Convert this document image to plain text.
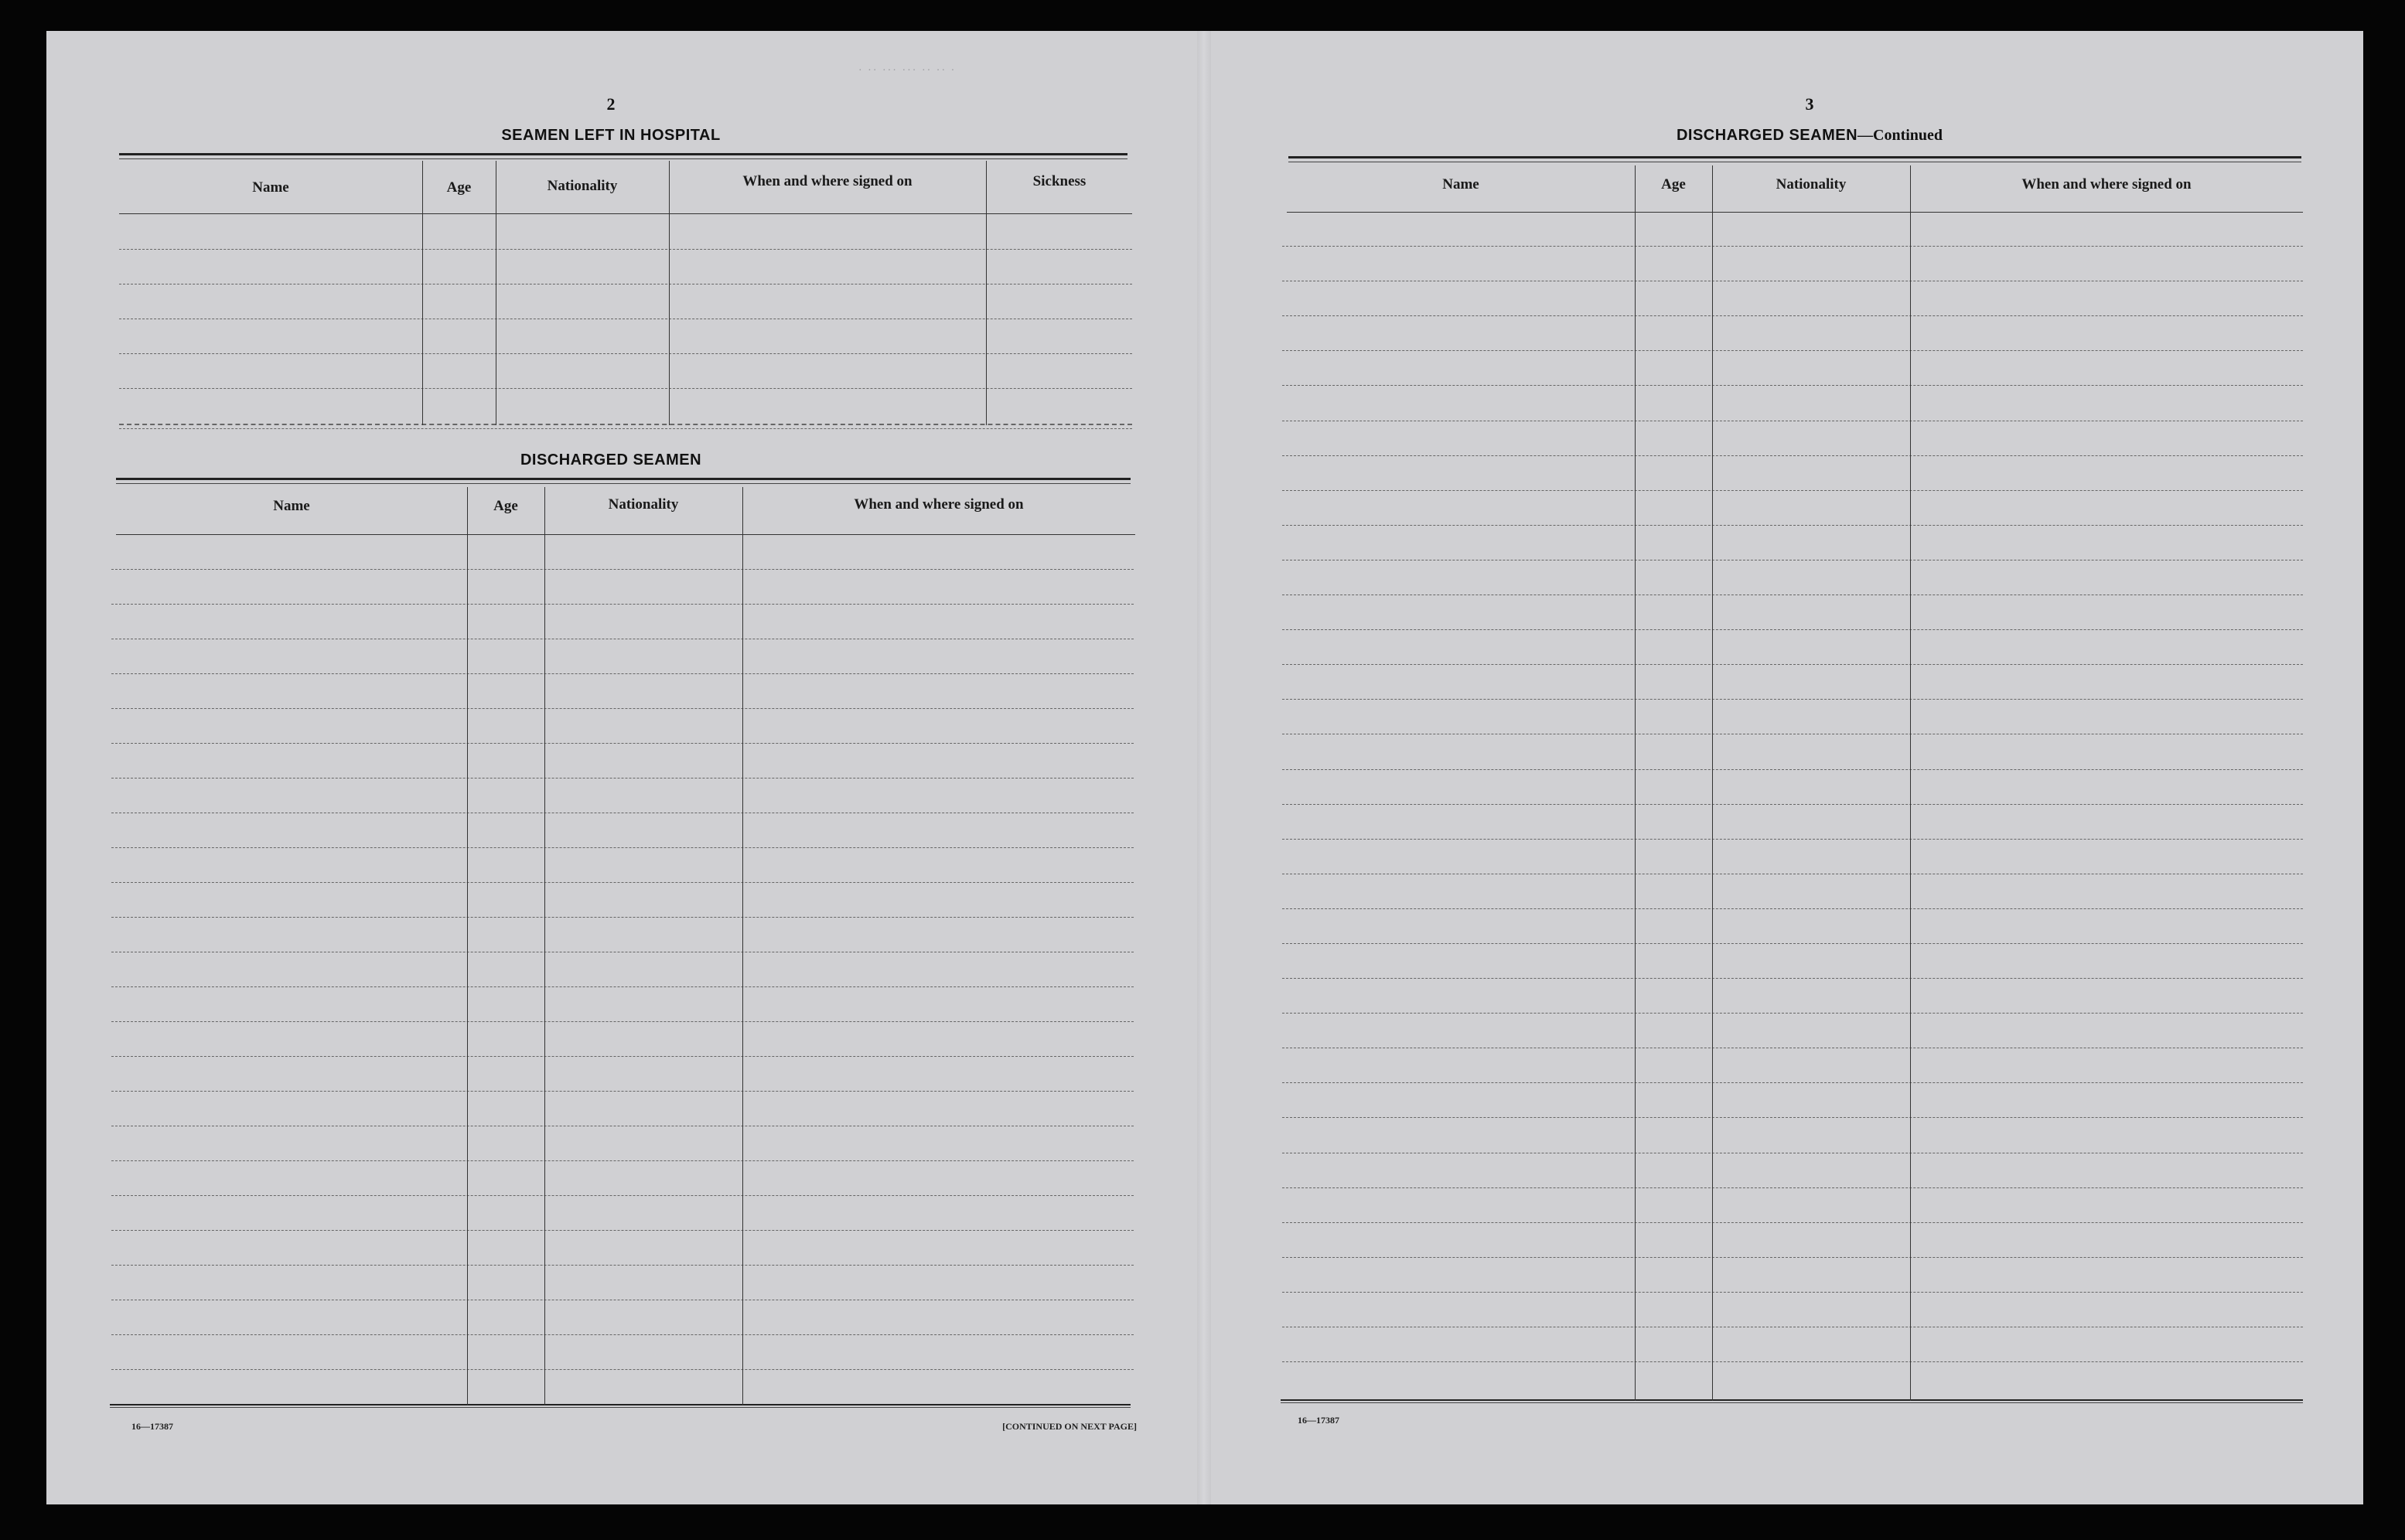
· ·· ··· ··· ·· ·· ·
2
SEAMEN LEFT IN HOSPITAL
Name	Age	Nationality	When and where signed on	Sickness
DISCHARGED SEAMEN
Name	Age	Nationality	When and where signed on
16—17387	[CONTINUED ON NEXT PAGE]
3
DISCHARGED SEAMEN—Continued
Name	Age	Nationality	When and where signed on
16—17387
